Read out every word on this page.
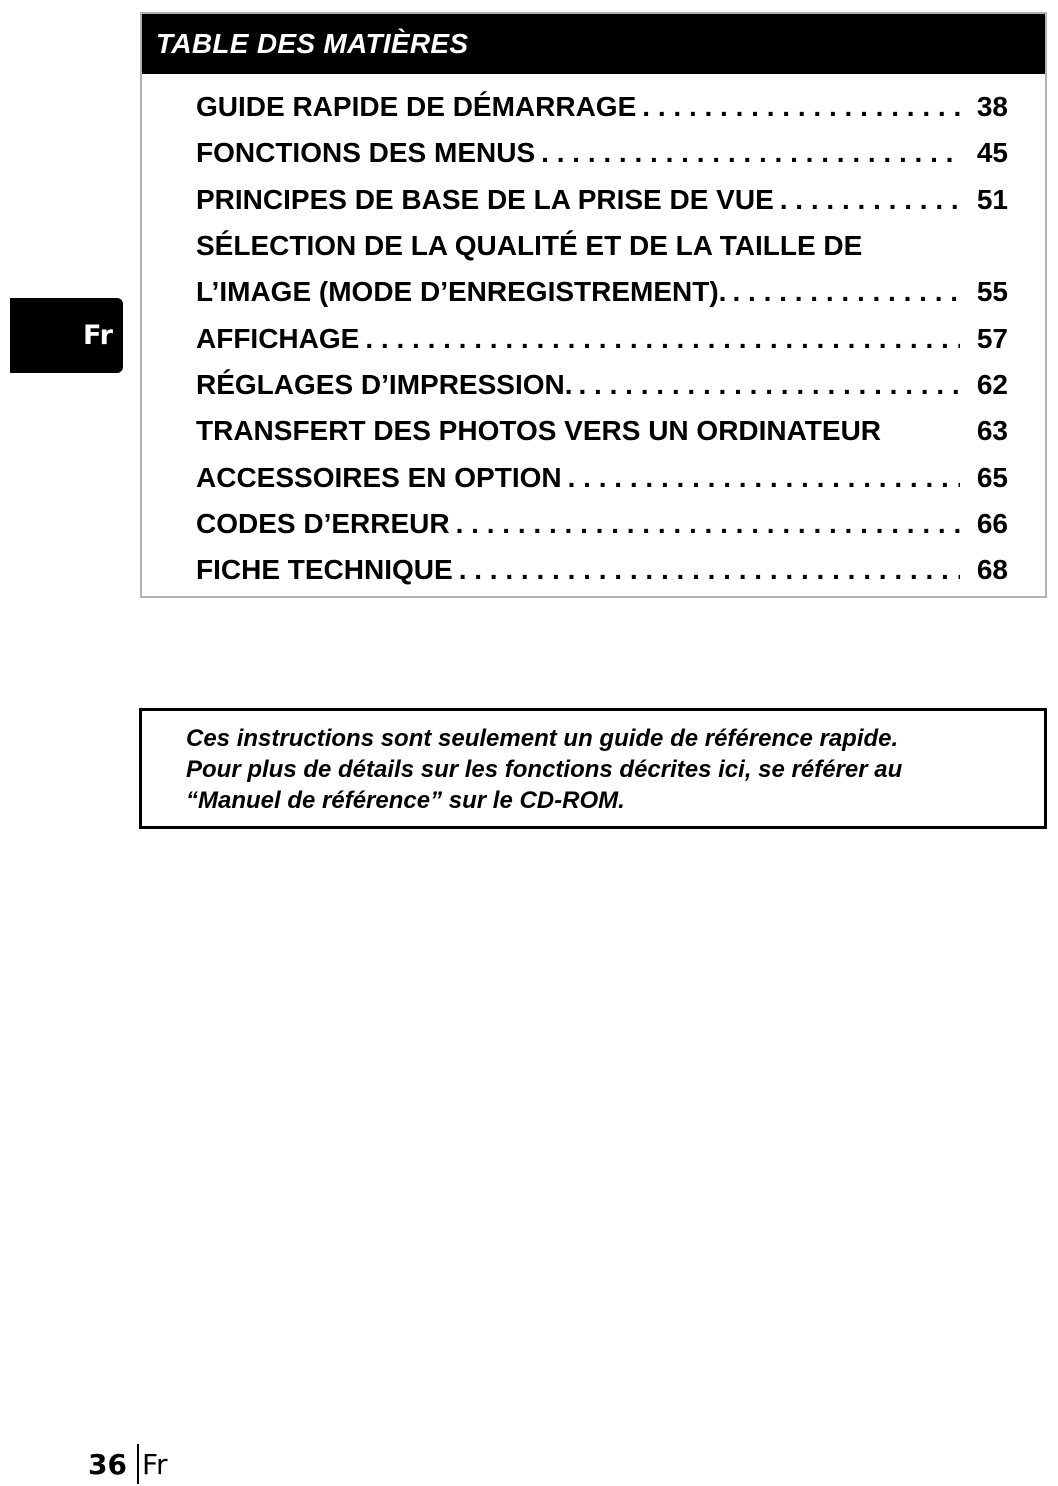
Fr
TABLE DES MATIÈRES
GUIDE RAPIDE DE DÉMARRAGE . . .	38
FONCTIONS DES MENUS . . .	45
PRINCIPES DE BASE DE LA PRISE DE VUE . . .	51
SÉLECTION DE LA QUALITÉ ET DE LA TAILLE DE
L’IMAGE (MODE D’ENREGISTREMENT). . . .	55
AFFICHAGE . . .	57
RÉGLAGES D’IMPRESSION. . . .	62
TRANSFERT DES PHOTOS VERS UN ORDINATEUR	63
ACCESSOIRES EN OPTION . . .	65
CODES D’ERREUR . . .	66
FICHE TECHNIQUE . . .	68
Ces instructions sont seulement un guide de référence rapide.
Pour plus de détails sur les fonctions décrites ici, se référer au
“Manuel de référence” sur le CD-ROM.
36 Fr
